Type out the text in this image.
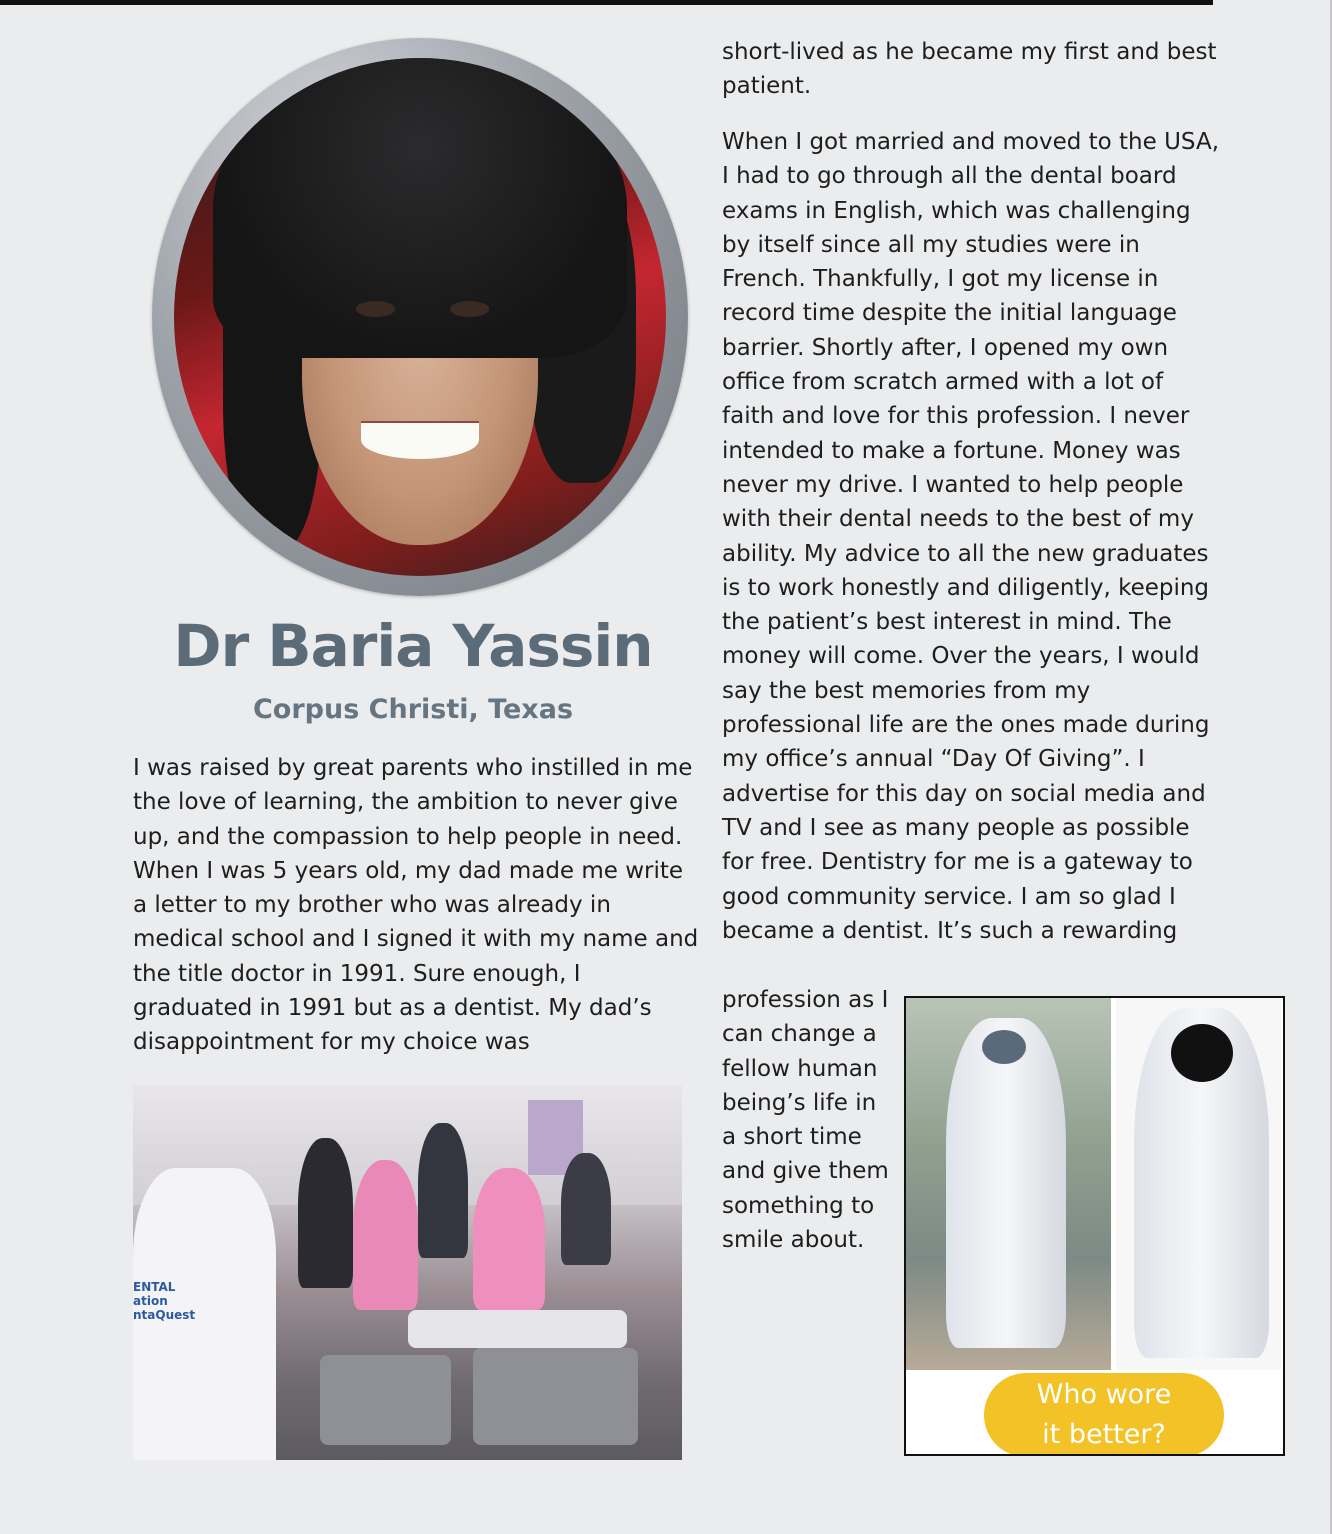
Dr Baria Yassin
Corpus Christi, Texas

I was raised by great parents who instilled in me the love of learning, the ambition to never give up, and the compassion to help people in need. When I was 5 years old, my dad made me write a letter to my brother who was already in medical school and I signed it with my name and the title doctor in 1991. Sure enough, I graduated in 1991 but as a dentist. My dad’s disappointment for my choice was

ENTAL ation ntaQuest

short-lived as he became my first and best patient.

When I got married and moved to the USA, I had to go through all the dental board exams in English, which was challenging by itself since all my studies were in French. Thankfully, I got my license in record time despite the initial language barrier. Shortly after, I opened my own office from scratch armed with a lot of faith and love for this profession. I never intended to make a fortune. Money was never my drive. I wanted to help people with their dental needs to the best of my ability. My advice to all the new graduates is to work honestly and diligently, keeping the patient’s best interest in mind. The money will come. Over the years, I would say the best memories from my professional life are the ones made during my office’s annual “Day Of Giving”. I advertise for this day on social media and TV and I see as many people as possible for free. Dentistry for me is a gateway to good community service. I am so glad I became a dentist. It’s such a rewarding

profession as I can change a fellow human being’s life in a short time and give them something to smile about.

Who wore
it better?
